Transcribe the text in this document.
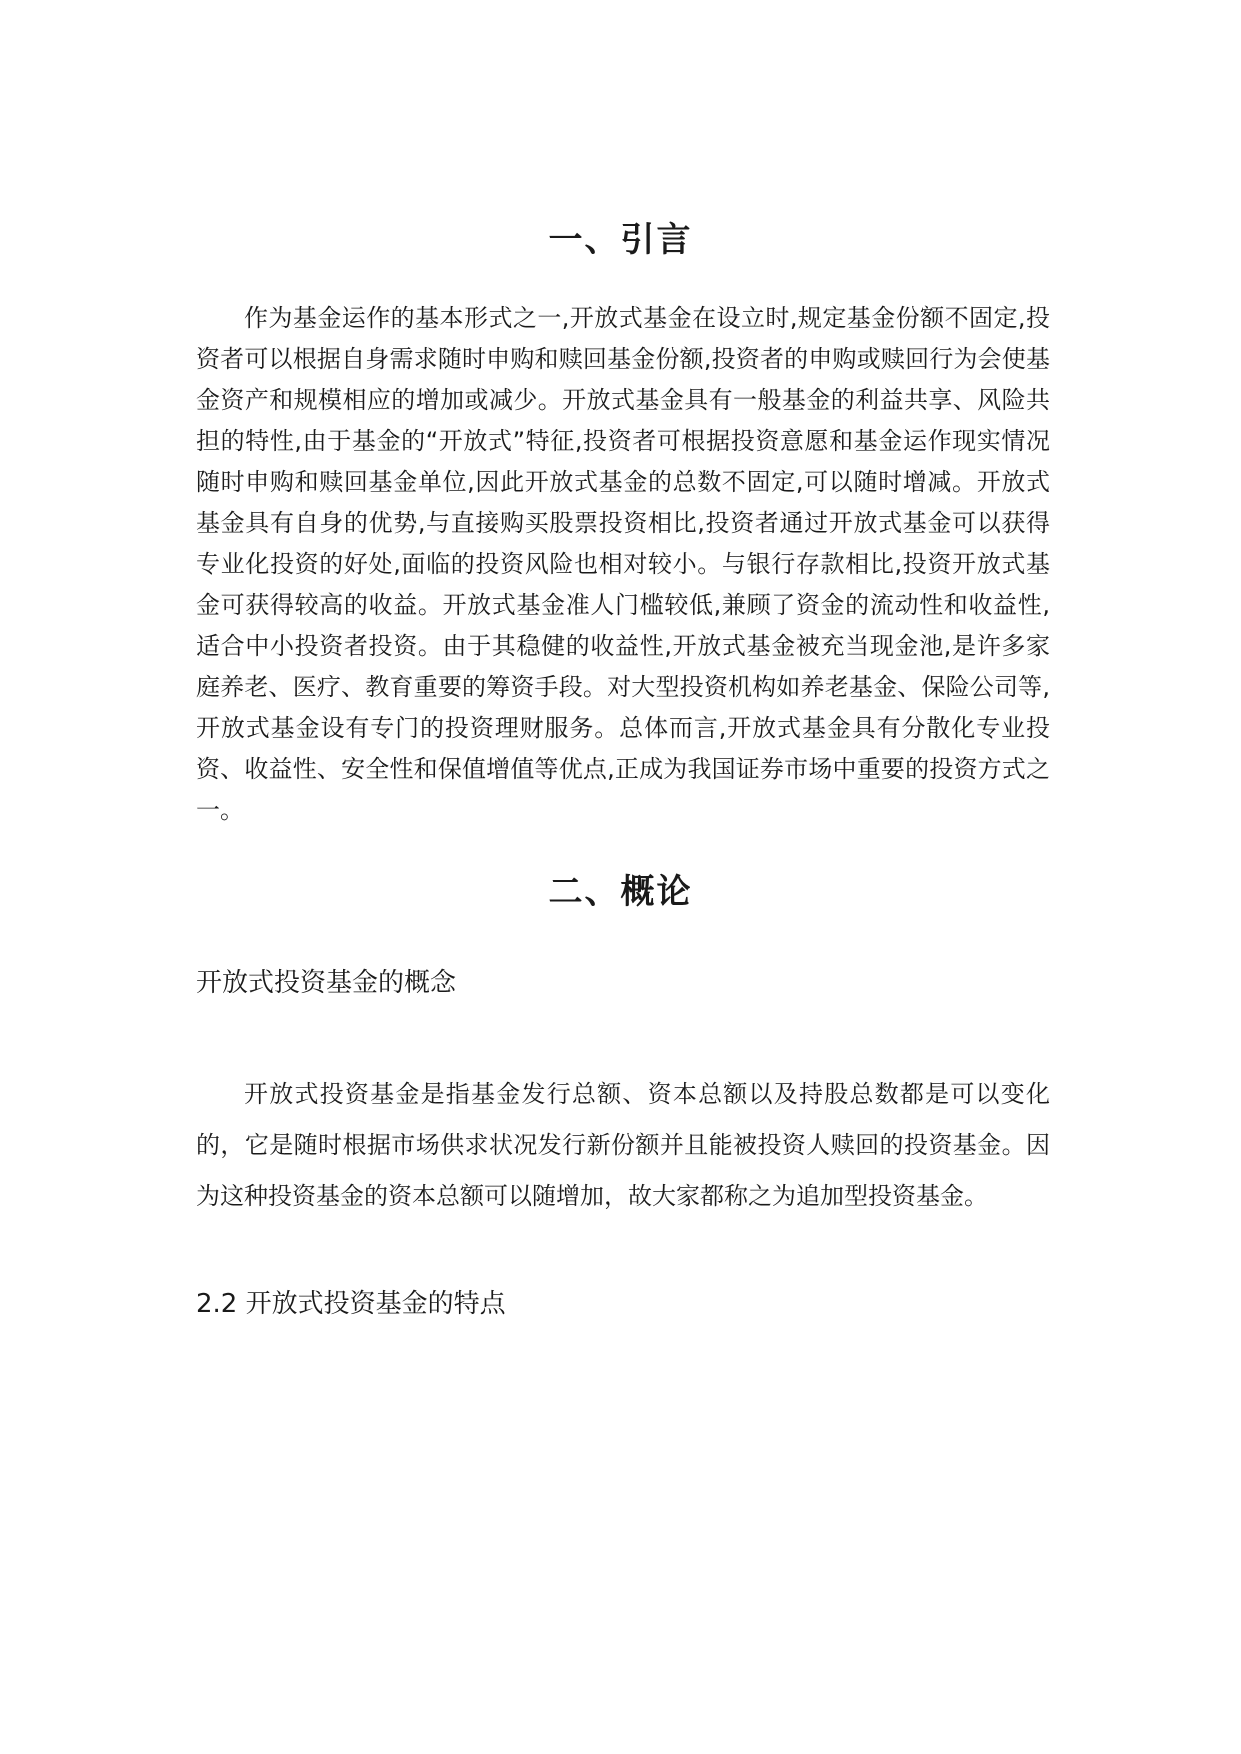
一、引言
作为基金运作的基本形式之一,开放式基金在设立时,规定基金份额不固定,投资者可以根据自身需求随时申购和赎回基金份额,投资者的申购或赎回行为会使基金资产和规模相应的增加或减少。开放式基金具有一般基金的利益共享、风险共担的特性,由于基金的“开放式”特征,投资者可根据投资意愿和基金运作现实情况随时申购和赎回基金单位,因此开放式基金的总数不固定,可以随时增减。开放式基金具有自身的优势,与直接购买股票投资相比,投资者通过开放式基金可以获得专业化投资的好处,面临的投资风险也相对较小。与银行存款相比,投资开放式基金可获得较高的收益。开放式基金准人门槛较低,兼顾了资金的流动性和收益性,适合中小投资者投资。由于其稳健的收益性,开放式基金被充当现金池,是许多家庭养老、医疗、教育重要的筹资手段。对大型投资机构如养老基金、保险公司等,开放式基金设有专门的投资理财服务。总体而言,开放式基金具有分散化专业投资、收益性、安全性和保值增值等优点,正成为我国证券市场中重要的投资方式之一。
二、概论
开放式投资基金的概念
开放式投资基金是指基金发行总额、资本总额以及持股总数都是可以变化的，它是随时根据市场供求状况发行新份额并且能被投资人赎回的投资基金。因为这种投资基金的资本总额可以随增加，故大家都称之为追加型投资基金。
2.2 开放式投资基金的特点
